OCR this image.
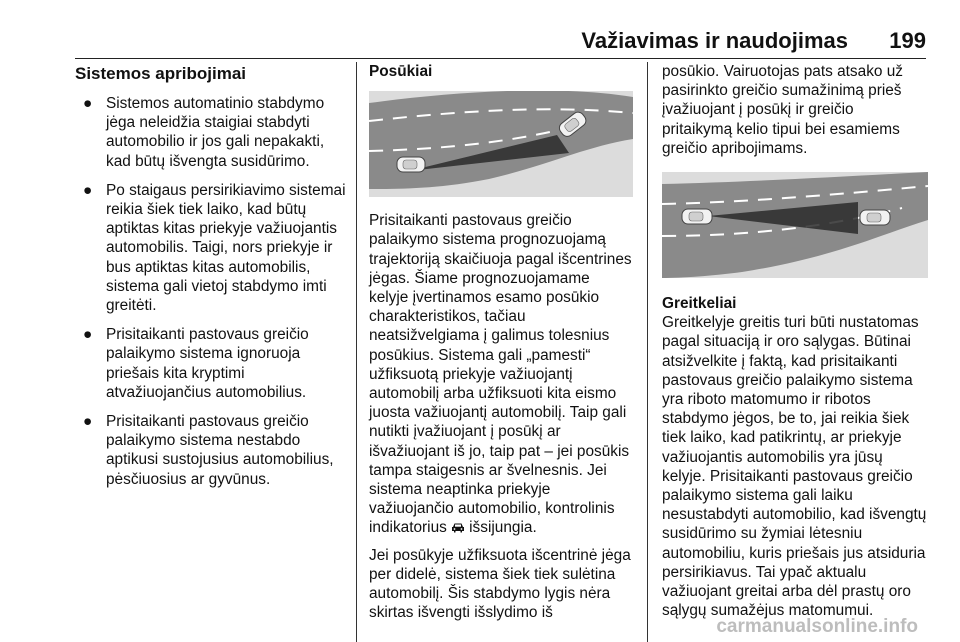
Važiavimas ir naudojimas 199
Sistemos apribojimai
● Sistemos automatinio stabdymo jėga neleidžia staigiai stabdyti automobilio ir jos gali nepakakti, kad būtų išvengta susidūrimo.
● Po staigaus persirikiavimo sistemai reikia šiek tiek laiko, kad būtų aptiktas kitas priekyje važiuojantis automobilis. Taigi, nors priekyje ir bus aptiktas kitas automobilis, sistema gali vietoj stabdymo imti greitėti.
● Prisitaikanti pastovaus greičio palaikymo sistema ignoruoja priešais kita kryptimi atvažiuojančius automobilius.
● Prisitaikanti pastovaus greičio palaikymo sistema nestabdo aptikusi sustojusius automobilius, pėsčiuosius ar gyvūnus.
Posūkiai

Prisitaikanti pastovaus greičio palaikymo sistema prognozuojamą trajektoriją skaičiuoja pagal išcentrines jėgas. Šiame prognozuojamame kelyje įvertinamos esamo posūkio charakteristikos, tačiau neatsižvelgiama į galimus tolesnius posūkius. Sistema gali „pamesti“ užfiksuotą priekyje važiuojantį automobilį arba užfiksuoti kita eismo juosta važiuojantį automobilį. Taip gali nutikti įvažiuojant į posūkį ar išvažiuojant iš jo, taip pat – jei posūkis tampa staigesnis ar švelnesnis. Jei sistema neaptinka priekyje važiuojančio automobilio, kontrolinis indikatorius išsijungia.

Jei posūkyje užfiksuota išcentrinė jėga per didelė, sistema šiek tiek sulėtina automobilį. Šis stabdymo lygis nėra skirtas išvengti išslydimo iš

posūkio. Vairuotojas pats atsako už pasirinkto greičio sumažinimą prieš įvažiuojant į posūkį ir greičio pritaikymą kelio tipui bei esamiems greičio apribojimams.

Greitkeliai

Greitkelyje greitis turi būti nustatomas pagal situaciją ir oro sąlygas. Būtinai atsižvelkite į faktą, kad prisitaikanti pastovaus greičio palaikymo sistema yra riboto matomumo ir ribotos stabdymo jėgos, be to, jai reikia šiek tiek laiko, kad patikrintų, ar priekyje važiuojantis automobilis yra jūsų kelyje. Prisitaikanti pastovaus greičio palaikymo sistema gali laiku nesustabdyti automobilio, kad išvengtų susidūrimo su žymiai lėtesniu automobiliu, kuris priešais jus atsiduria persirikiavus. Tai ypač aktualu važiuojant greitai arba dėl prastų oro sąlygų sumažėjus matomumui.

carmanualsonline.info
